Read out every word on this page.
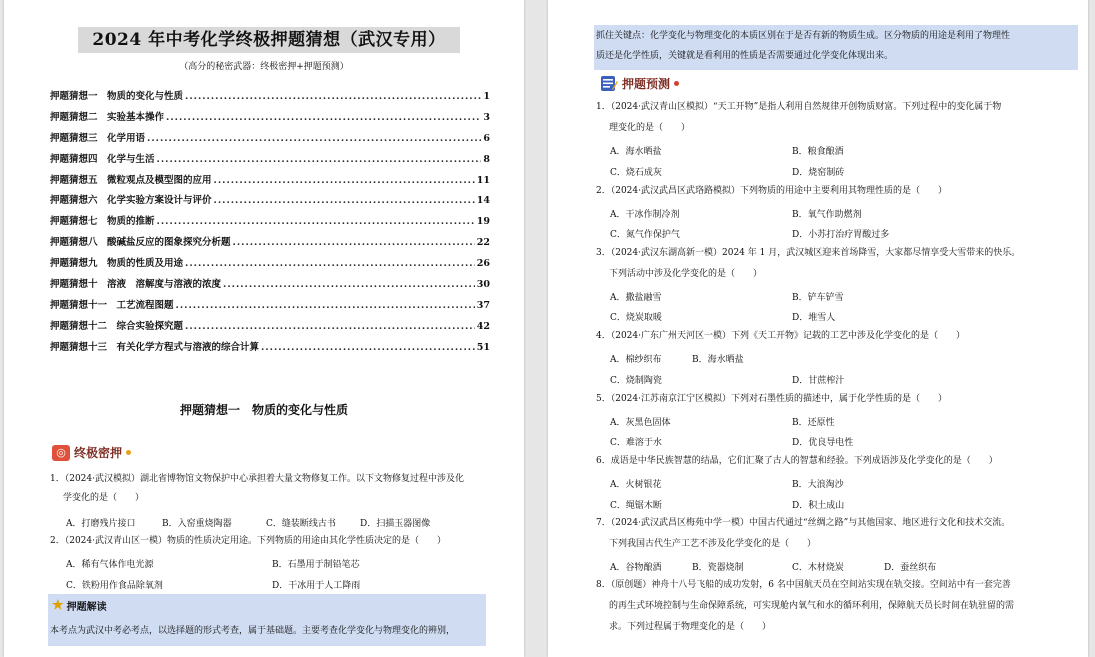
2024 年中考化学终极押题猜想（武汉专用）
（高分的秘密武器：终极密押+押题预测）
押题猜想一　物质的变化与性质 .....	1
押题猜想二　实验基本操作 .....	3
押题猜想三　化学用语 .....	6
押题猜想四　化学与生活 .....	8
押题猜想五　微粒观点及模型图的应用 .....	11
押题猜想六　化学实验方案设计与评价 .....	14
押题猜想七　物质的推断 .....	19
押题猜想八　酸碱盐反应的图象探究分析题 .....	22
押题猜想九　物质的性质及用途 .....	26
押题猜想十　溶液　溶解度与溶液的浓度 .....	30
押题猜想十一　工艺流程图题 .....	37
押题猜想十二　综合实验探究题 .....	42
押题猜想十三　有关化学方程式与溶液的综合计算 .....	51
押题猜想一　物质的变化与性质
◎ 终极密押
1．（2024·武汉模拟）湖北省博物馆文物保护中心承担着大量文物修复工作。以下文物修复过程中涉及化
学变化的是（　　）
A．打磨残片接口	B．入窑重烧陶器	C．缝装断线古书	D．扫描玉器图像
2．（2024·武汉青山区一模）物质的性质决定用途。下列物质的用途由其化学性质决定的是（　　）
A．稀有气体作电光源	B．石墨用于制铅笔芯
C．铁粉用作食品除氧剂	D．干冰用于人工降雨
★ 押题解读
本考点为武汉中考必考点，以选择题的形式考查，属于基础题。主要考查化学变化与物理变化的辨别，
抓住关键点：化学变化与物理变化的本质区别在于是否有新的物质生成。区分物质的用途是利用了物理性
质还是化学性质，关键就是看利用的性质是否需要通过化学变化体现出来。
押题预测
1．（2024·武汉青山区模拟）“天工开物”是指人利用自然规律开创物质财富。下列过程中的变化属于物
理变化的是（　　）
A．海水晒盐	B．粮食酿酒
C．烧石成灰	D．烧窑制砖
2．（2024·武汉武昌区武珞路模拟）下列物质的用途中主要利用其物理性质的是（　　）
A．干冰作制冷剂	B．氧气作助燃剂
C．氮气作保护气	D．小苏打治疗胃酸过多
3．（2024·武汉东湖高新一模）2024 年 1 月，武汉城区迎来首场降雪，大家都尽情享受大雪带来的快乐。
下列活动中涉及化学变化的是（　　）
A．撒盐融雪	B．铲车铲雪
C．烧炭取暖	D．堆雪人
4．（2024·广东广州天河区一模）下列《天工开物》记载的工艺中涉及化学变化的是（　　）
A．棉纱织布	B．海水晒盐
C．烧制陶瓷	D．甘蔗榨汁
5．（2024·江苏南京江宁区模拟）下列对石墨性质的描述中，属于化学性质的是（　　）
A．灰黑色固体	B．还原性
C．难溶于水	D．优良导电性
6．成语是中华民族智慧的结晶，它们汇聚了古人的智慧和经验。下列成语涉及化学变化的是（　　）
A．火树银花	B．大浪淘沙
C．绳锯木断	D．积土成山
7．（2024·武汉武昌区梅苑中学一模）中国古代通过“丝绸之路”与其他国家、地区进行文化和技术交流。
下列我国古代生产工艺不涉及化学变化的是（　　）
A．谷物酿酒	B．瓷器烧制	C．木材烧炭	D．蚕丝织布
8．（原创题）神舟十八号飞船的成功发射，6 名中国航天员在空间站实现在轨交接。空间站中有一套完善
的再生式环境控制与生命保障系统，可实现舱内氧气和水的循环利用，保障航天员长时间在轨驻留的需
求。下列过程属于物理变化的是（　　）
